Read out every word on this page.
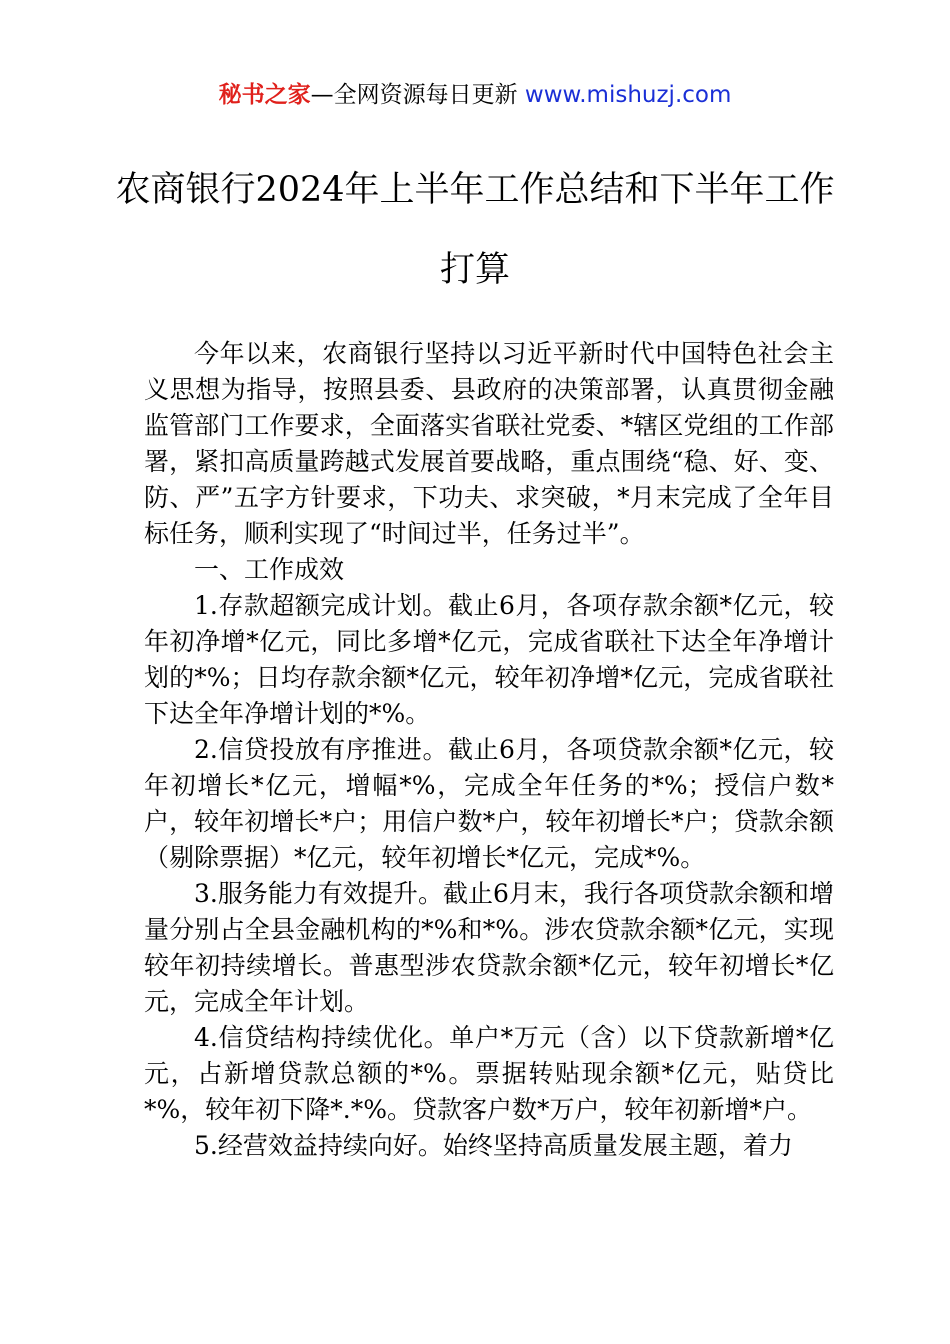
秘书之家—全网资源每日更新 www.mishuzj.com
农商银行2024年上半年工作总结和下半年工作打算

今年以来，农商银行坚持以习近平新时代中国特色社会主义思想为指导，按照县委、县政府的决策部署，认真贯彻金融监管部门工作要求，全面落实省联社党委、*辖区党组的工作部署，紧扣高质量跨越式发展首要战略，重点围绕“稳、好、变、防、严”五字方针要求，下功夫、求突破，*月末完成了全年目标任务，顺利实现了“时间过半，任务过半”。

一、工作成效

1.存款超额完成计划。截止6月，各项存款余额*亿元，较年初净增*亿元，同比多增*亿元，完成省联社下达全年净增计划的*%；日均存款余额*亿元，较年初净增*亿元，完成省联社下达全年净增计划的*%。

2.信贷投放有序推进。截止6月，各项贷款余额*亿元，较年初增长*亿元，增幅*%，完成全年任务的*%；授信户数*户，较年初增长*户；用信户数*户，较年初增长*户；贷款余额（剔除票据）*亿元，较年初增长*亿元，完成*%。

3.服务能力有效提升。截止6月末，我行各项贷款余额和增量分别占全县金融机构的*%和*%。涉农贷款余额*亿元，实现较年初持续增长。普惠型涉农贷款余额*亿元，较年初增长*亿元，完成全年计划。

4.信贷结构持续优化。单户*万元（含）以下贷款新增*亿元，占新增贷款总额的*%。票据转贴现余额*亿元，贴贷比*%，较年初下降*.*%。贷款客户数*万户，较年初新增*户。

5.经营效益持续向好。始终坚持高质量发展主题，着力
